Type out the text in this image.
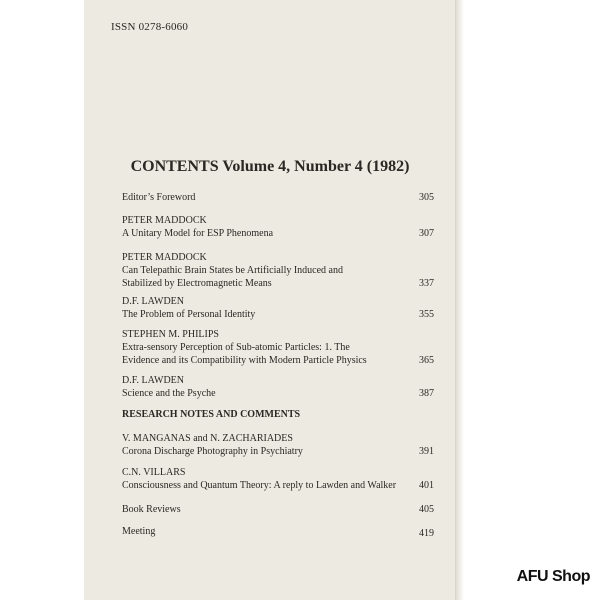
ISSN 0278-6060
CONTENTS Volume 4, Number 4 (1982)
Editor’s Foreword	305
PETER MADDOCK
A Unitary Model for ESP Phenomena	307
PETER MADDOCK
Can Telepathic Brain States be Artificially Induced and
Stabilized by Electromagnetic Means	337
D.F. LAWDEN
The Problem of Personal Identity	355
STEPHEN M. PHILIPS
Extra-sensory Perception of Sub-atomic Particles: 1. The
Evidence and its Compatibility with Modern Particle Physics	365
D.F. LAWDEN
Science and the Psyche	387
RESEARCH NOTES AND COMMENTS
V. MANGANAS and N. ZACHARIADES
Corona Discharge Photography in Psychiatry	391
C.N. VILLARS
Consciousness and Quantum Theory: A reply to Lawden and Walker	401
Book Reviews	405
Meeting	419
AFU Shop
